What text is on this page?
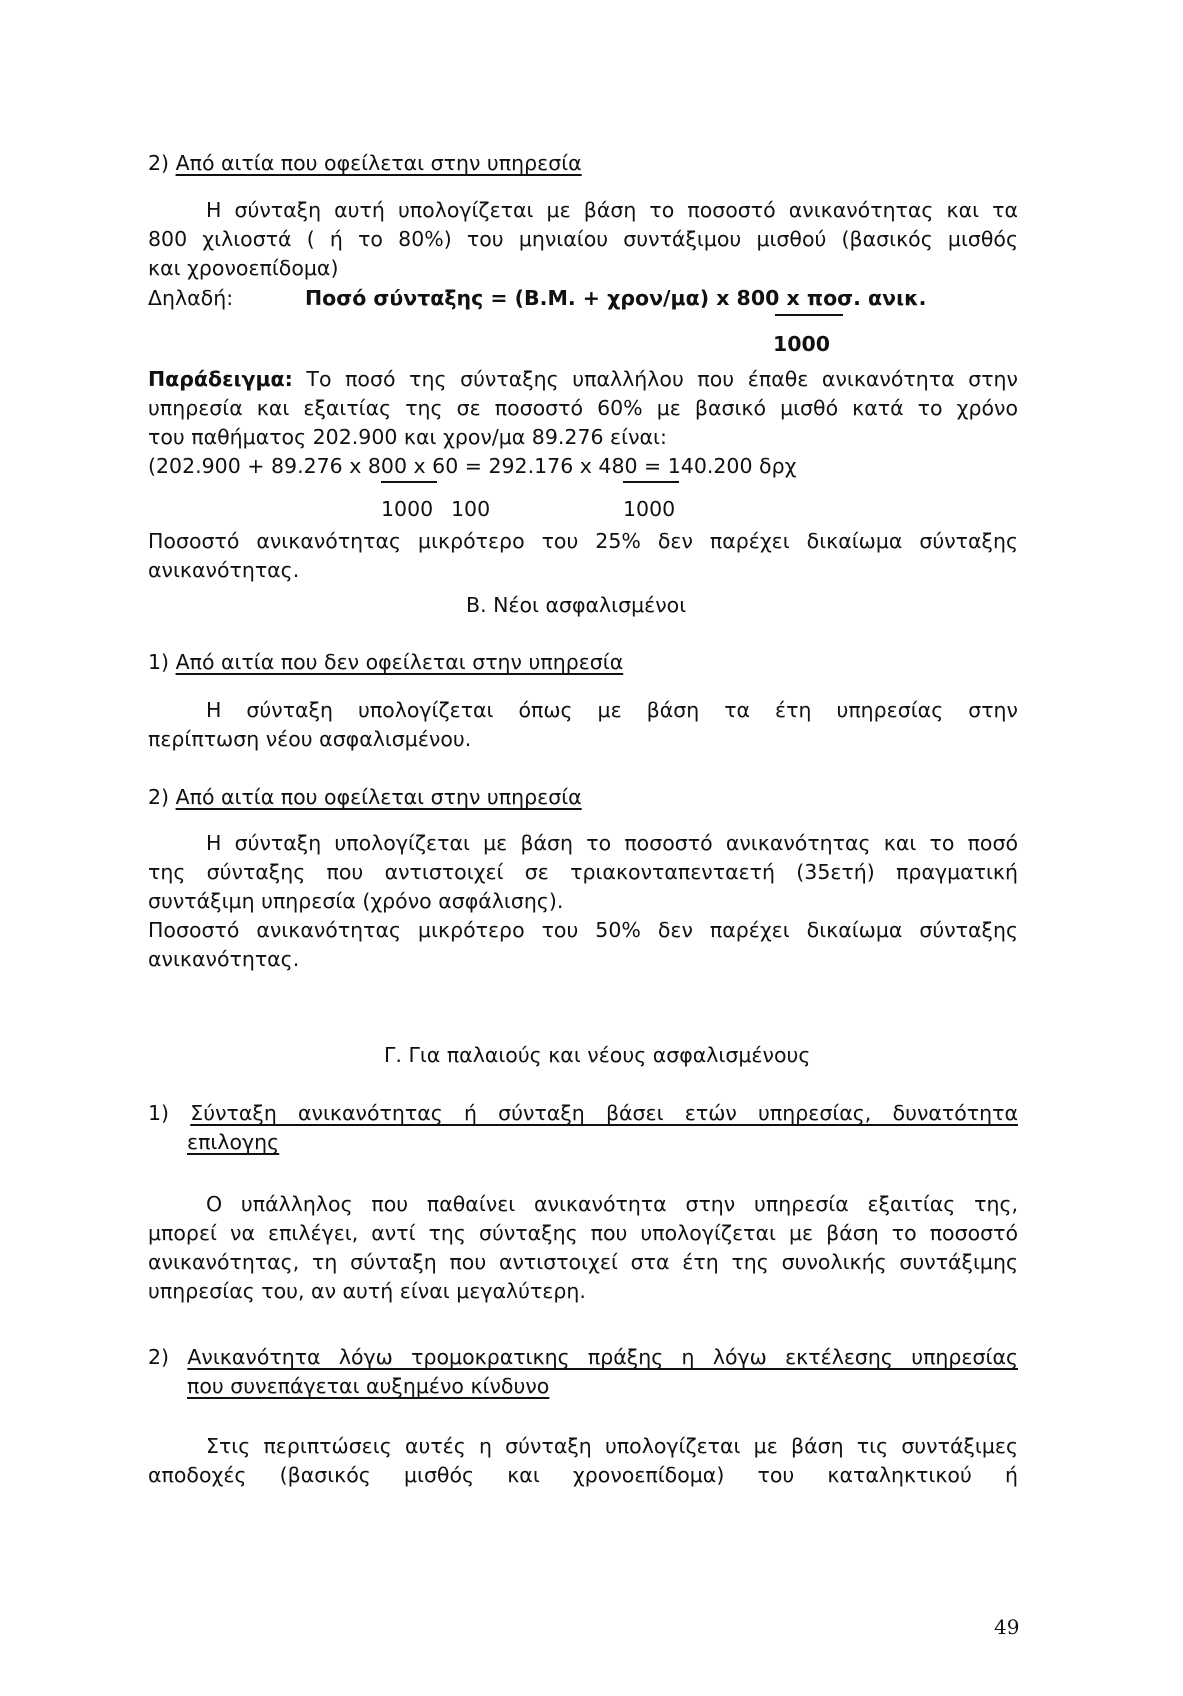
2) Από αιτία που οφείλεται στην υπηρεσία
Η σύνταξη αυτή υπολογίζεται με βάση το ποσοστό ανικανότητας και τα
800 χιλιοστά ( ή το 80%) του μηνιαίου συντάξιμου μισθού (βασικός μισθός
και χρονοεπίδομα)
Δηλαδή:	Ποσό σύνταξης = (Β.Μ. + χρον/μα) x 800 x ποσ. ανικ.
1000
Παράδειγμα: Το ποσό της σύνταξης υπαλλήλου που έπαθε ανικανότητα στην
υπηρεσία και εξαιτίας της σε ποσοστό 60% με βασικό μισθό κατά το χρόνο
του παθήματος 202.900 και χρον/μα 89.276 είναι:
(202.900 + 89.276 x 800 x 60 = 292.176 x 480 = 140.200 δρχ
1000 100	1000
Ποσοστό ανικανότητας μικρότερο του 25% δεν παρέχει δικαίωμα σύνταξης
ανικανότητας.
Β. Νέοι ασφαλισμένοι
1) Από αιτία που δεν οφείλεται στην υπηρεσία
Η σύνταξη υπολογίζεται όπως με βάση τα έτη υπηρεσίας στην
περίπτωση νέου ασφαλισμένου.
2) Από αιτία που οφείλεται στην υπηρεσία
Η σύνταξη υπολογίζεται με βάση το ποσοστό ανικανότητας και το ποσό
της σύνταξης που αντιστοιχεί σε τριακονταπενταετή (35ετή) πραγματική
συντάξιμη υπηρεσία (χρόνο ασφάλισης).
Ποσοστό ανικανότητας μικρότερο του 50% δεν παρέχει δικαίωμα σύνταξης
ανικανότητας.
Γ. Για παλαιούς και νέους ασφαλισμένους
1) Σύνταξη ανικανότητας ή σύνταξη βάσει ετών υπηρεσίας, δυνατότητα
επιλογης
Ο υπάλληλος που παθαίνει ανικανότητα στην υπηρεσία εξαιτίας της,
μπορεί να επιλέγει, αντί της σύνταξης που υπολογίζεται με βάση το ποσοστό
ανικανότητας, τη σύνταξη που αντιστοιχεί στα έτη της συνολικής συντάξιμης
υπηρεσίας του, αν αυτή είναι μεγαλύτερη.
2) Ανικανότητα λόγω τρομοκρατικης πράξης η λόγω εκτέλεσης υπηρεσίας
που συνεπάγεται αυξημένο κίνδυνο
Στις περιπτώσεις αυτές η σύνταξη υπολογίζεται με βάση τις συντάξιμες
αποδοχές (βασικός μισθός και χρονοεπίδομα) του καταληκτικού ή
49
